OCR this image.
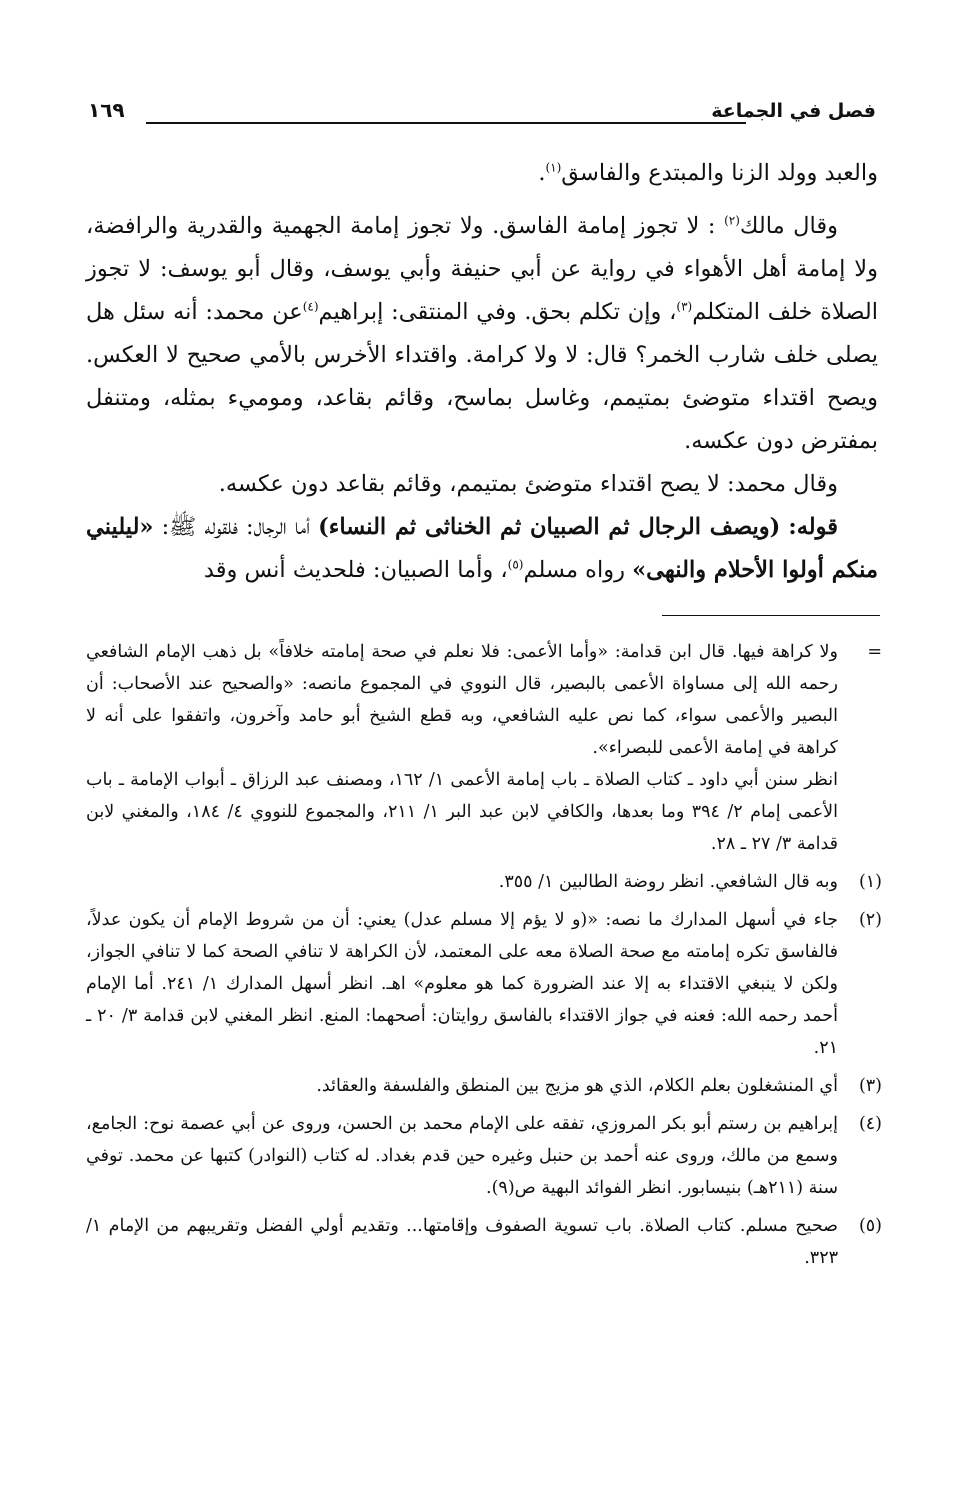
فصل في الجماعة
١٦٩

والعبد وولد الزنا والمبتدع والفاسق$^{(١)}$.

وقال مالك$^{(٢)}$ : لا تجوز إمامة الفاسق. ولا تجوز إمامة الجهمية والقدرية والرافضة، ولا إمامة أهل الأهواء في رواية عن أبي حنيفة وأبي يوسف، وقال أبو يوسف: لا تجوز الصلاة خلف المتكلم$^{(٣)}$، وإن تكلم بحق. وفي المنتقى: إبراهيم$^{(٤)}$عن محمد: أنه سئل هل يصلى خلف شارب الخمر؟ قال: لا ولا كرامة. واقتداء الأخرس بالأمي صحيح لا العكس. ويصح اقتداء متوضئ بمتيمم، وغاسل بماسح، وقائم بقاعد، وموميء بمثله، ومتنفل بمفترض دون عكسه.

وقال محمد: لا يصح اقتداء متوضئ بمتيمم، وقائم بقاعد دون عكسه.

قوله: (ويصف الرجال ثم الصبيان ثم الخناثى ثم النساء) أما الرجال: فلقوله ﷺ: «ليليني منكم أولوا الأحلام والنهى» رواه مسلم$^{(٥)}$، وأما الصبيان: فلحديث أنس وقد

=

ولا كراهة فيها. قال ابن قدامة: «وأما الأعمى: فلا نعلم في صحة إمامته خلافاً» بل ذهب الإمام الشافعي رحمه الله إلى مساواة الأعمى بالبصير، قال النووي في المجموع مانصه: «والصحيح عند الأصحاب: أن البصير والأعمى سواء، كما نص عليه الشافعي، وبه قطع الشيخ أبو حامد وآخرون، واتفقوا على أنه لا كراهة في إمامة الأعمى للبصراء».

انظر سنن أبي داود ـ كتاب الصلاة ـ باب إمامة الأعمى ١/ ١٦٢، ومصنف عبد الرزاق ـ أبواب الإمامة ـ باب الأعمى إمام ٢/ ٣٩٤ وما بعدها، والكافي لابن عبد البر ١/ ٢١١، والمجموع للنووي ٤/ ١٨٤، والمغني لابن قدامة ٣/ ٢٧ ـ ٢٨.

(١)

وبه قال الشافعي. انظر روضة الطالبين ١/ ٣٥٥.

(٢)

جاء في أسهل المدارك ما نصه: «(و لا يؤم إلا مسلم عدل) يعني: أن من شروط الإمام أن يكون عدلاً، فالفاسق تكره إمامته مع صحة الصلاة معه على المعتمد، لأن الكراهة لا تنافي الصحة كما لا تنافي الجواز، ولكن لا ينبغي الاقتداء به إلا عند الضرورة كما هو معلوم» اهـ. انظر أسهل المدارك ١/ ٢٤١. أما الإمام أحمد رحمه الله: فعنه في جواز الاقتداء بالفاسق روايتان: أصحهما: المنع. انظر المغني لابن قدامة ٣/ ٢٠ ـ ٢١.

(٣)

أي المنشغلون بعلم الكلام، الذي هو مزيج بين المنطق والفلسفة والعقائد.

(٤)

إبراهيم بن رستم أبو بكر المروزي، تفقه على الإمام محمد بن الحسن، وروى عن أبي عصمة نوح: الجامع، وسمع من مالك، وروى عنه أحمد بن حنبل وغيره حين قدم بغداد. له كتاب (النوادر) كتبها عن محمد. توفي سنة (٢١١هـ) بنيسابور. انظر الفوائد البهية ص(٩).

(٥)

صحيح مسلم. كتاب الصلاة. باب تسوية الصفوف وإقامتها... وتقديم أولي الفضل وتقريبهم من الإمام ١/ ٣٢٣.
